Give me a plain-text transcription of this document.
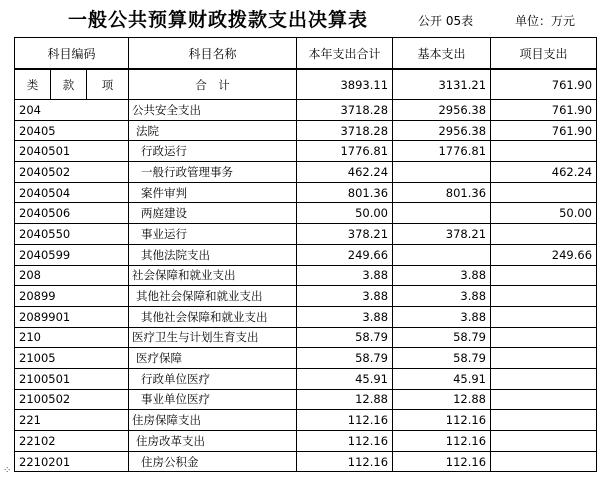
一般公共预算财政拨款支出决算表	公开 05表	单位：万元
科目编码			科目名称	本年支出合计	基本支出	项目支出
类	款	项	合　计	3893.11	3131.21	761.90
204			公共安全支出	3718.28	2956.38	761.90
20405			法院	3718.28	2956.38	761.90
2040501			行政运行	1776.81	1776.81	
2040502			一般行政管理事务	462.24		462.24
2040504			案件审判	801.36	801.36	
2040506			两庭建设	50.00		50.00
2040550			事业运行	378.21	378.21	
2040599			其他法院支出	249.66		249.66
208			社会保障和就业支出	3.88	3.88	
20899			其他社会保障和就业支出	3.88	3.88	
2089901			其他社会保障和就业支出	3.88	3.88	
210			医疗卫生与计划生育支出	58.79	58.79	
21005			医疗保障	58.79	58.79	
2100501			行政单位医疗	45.91	45.91	
2100502			事业单位医疗	12.88	12.88	
221			住房保障支出	112.16	112.16	
22102			住房改革支出	112.16	112.16	
2210201			住房公积金	112.16	112.16	
⁘
